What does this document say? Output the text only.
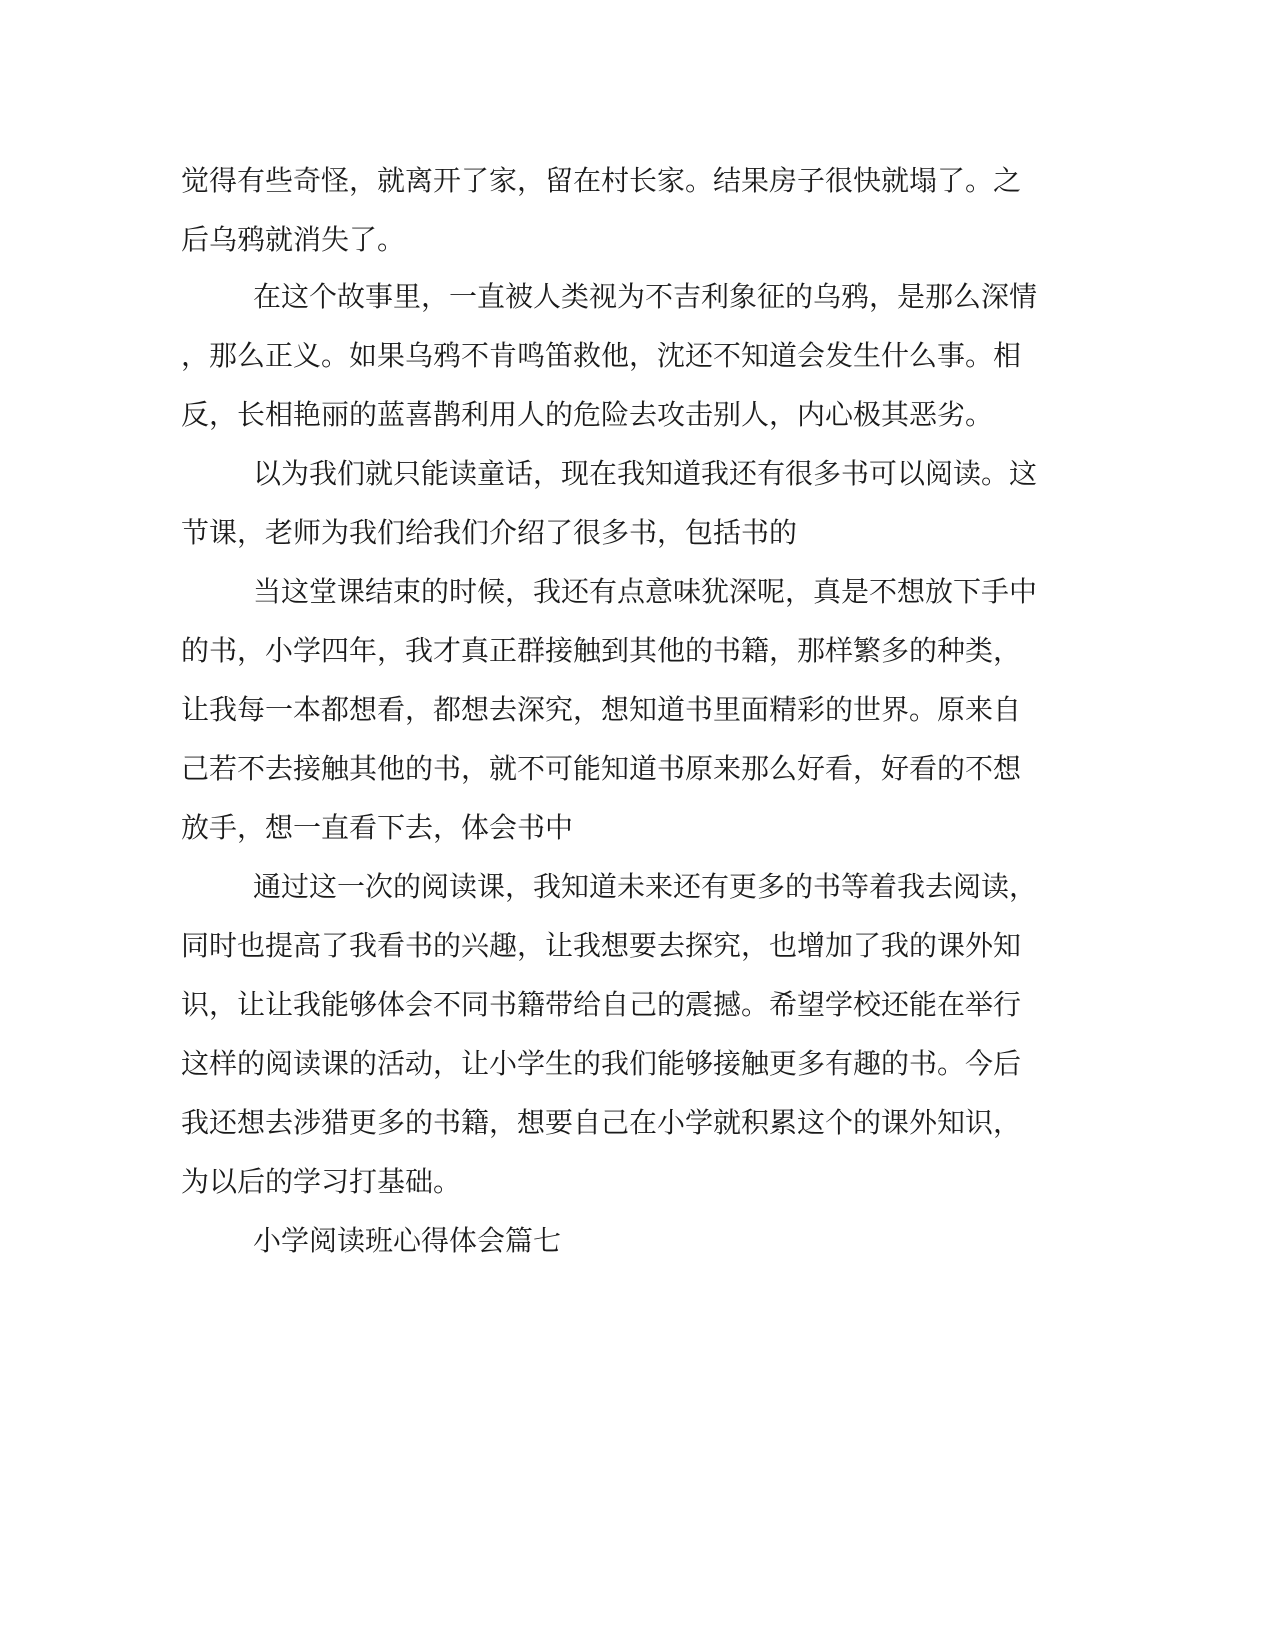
觉得有些奇怪，就离开了家，留在村长家。结果房子很快就塌了。之
后乌鸦就消失了。
在这个故事里，一直被人类视为不吉利象征的乌鸦，是那么深情
，那么正义。如果乌鸦不肯鸣笛救他，沈还不知道会发生什么事。相
反，长相艳丽的蓝喜鹊利用人的危险去攻击别人，内心极其恶劣。
以为我们就只能读童话，现在我知道我还有很多书可以阅读。这
节课，老师为我们给我们介绍了很多书，包括书的
当这堂课结束的时候，我还有点意味犹深呢，真是不想放下手中
的书，小学四年，我才真正群接触到其他的书籍，那样繁多的种类，
让我每一本都想看，都想去深究，想知道书里面精彩的世界。原来自
己若不去接触其他的书，就不可能知道书原来那么好看，好看的不想
放手，想一直看下去，体会书中
通过这一次的阅读课，我知道未来还有更多的书等着我去阅读，
同时也提高了我看书的兴趣，让我想要去探究，也增加了我的课外知
识，让让我能够体会不同书籍带给自己的震撼。希望学校还能在举行
这样的阅读课的活动，让小学生的我们能够接触更多有趣的书。今后
我还想去涉猎更多的书籍，想要自己在小学就积累这个的课外知识，
为以后的学习打基础。
小学阅读班心得体会篇七
